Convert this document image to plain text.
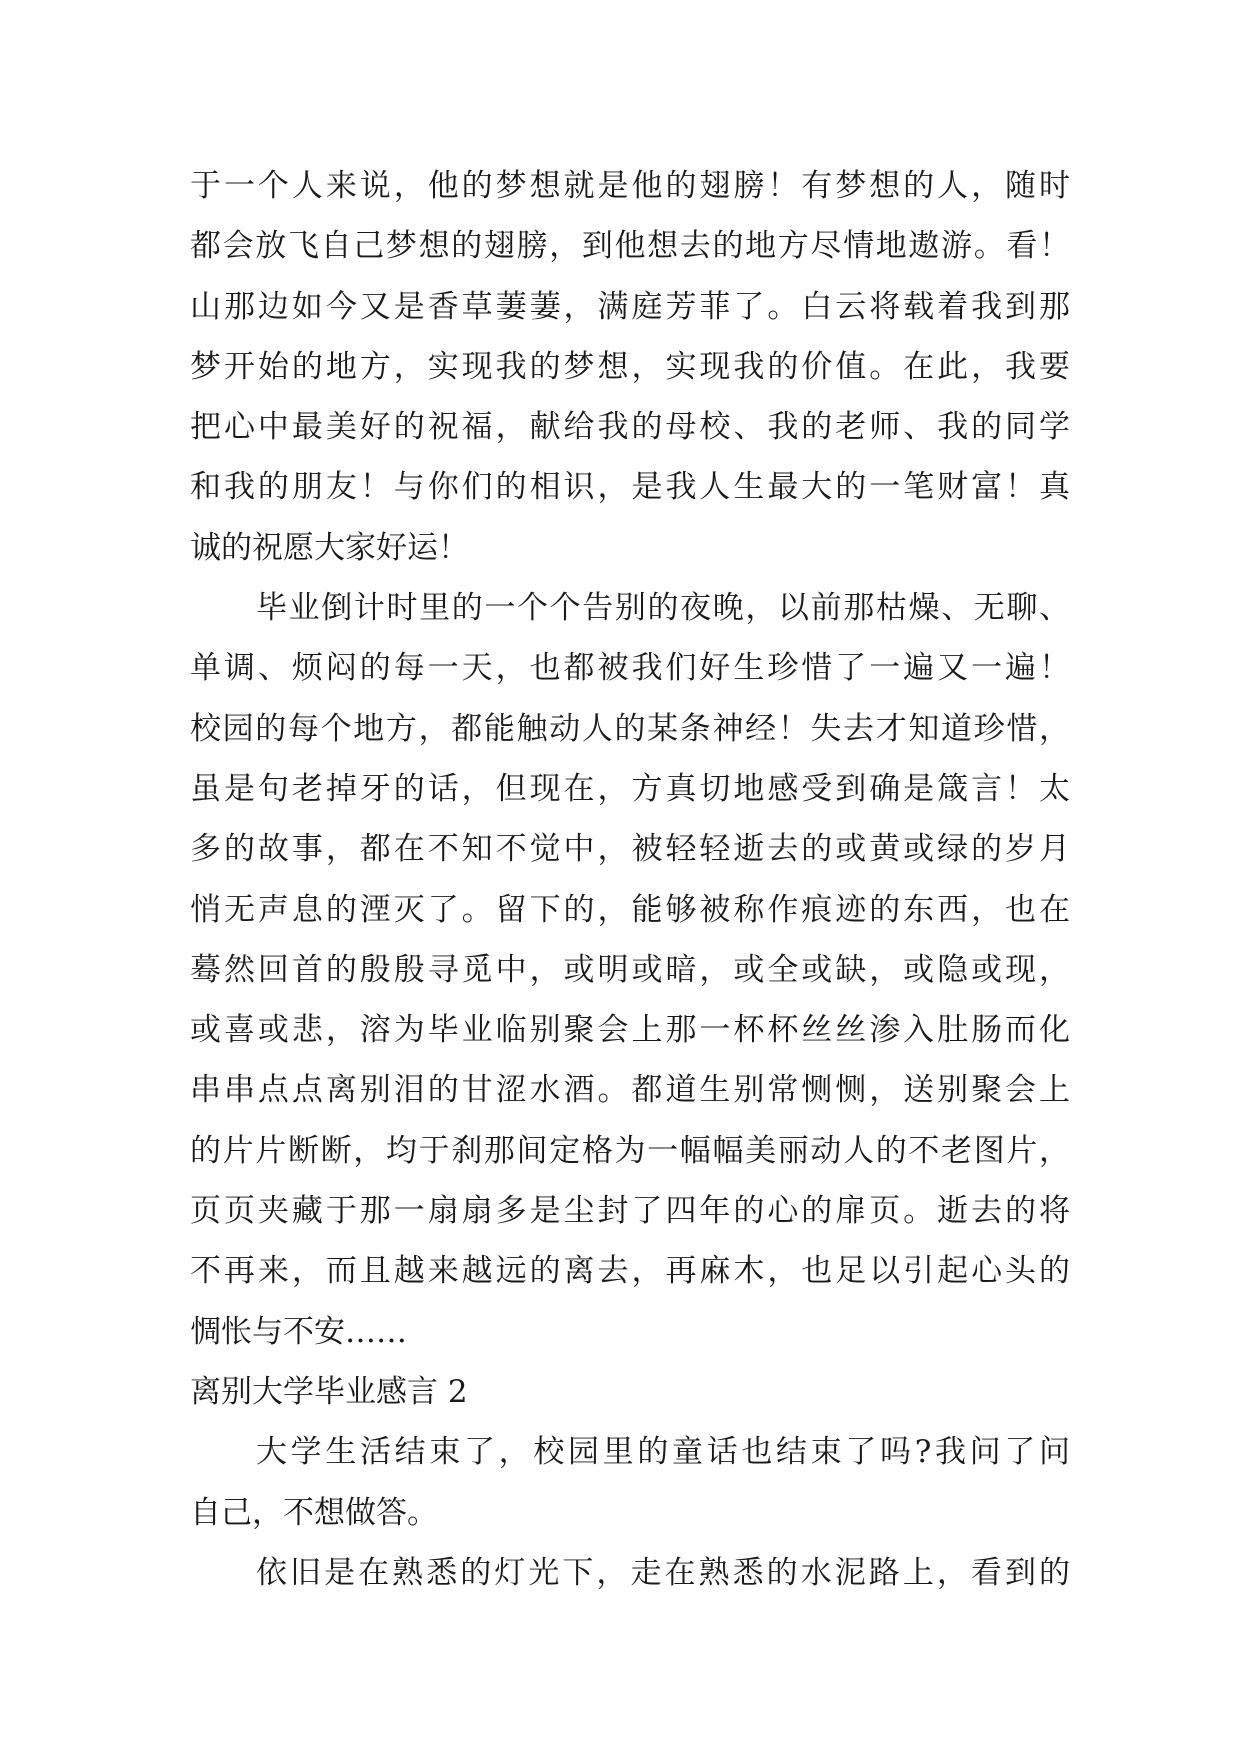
于一个人来说，他的梦想就是他的翅膀！有梦想的人，随时
都会放飞自己梦想的翅膀，到他想去的地方尽情地遨游。看！
山那边如今又是香草萋萋，满庭芳菲了。白云将载着我到那
梦开始的地方，实现我的梦想，实现我的价值。在此，我要
把心中最美好的祝福，献给我的母校、我的老师、我的同学
和我的朋友！与你们的相识，是我人生最大的一笔财富！真
诚的祝愿大家好运！
毕业倒计时里的一个个告别的夜晚，以前那枯燥、无聊、
单调、烦闷的每一天，也都被我们好生珍惜了一遍又一遍！
校园的每个地方，都能触动人的某条神经！失去才知道珍惜，
虽是句老掉牙的话，但现在，方真切地感受到确是箴言！太
多的故事，都在不知不觉中，被轻轻逝去的或黄或绿的岁月
悄无声息的湮灭了。留下的，能够被称作痕迹的东西，也在
蓦然回首的殷殷寻觅中，或明或暗，或全或缺，或隐或现，
或喜或悲，溶为毕业临别聚会上那一杯杯丝丝渗入肚肠而化
串串点点离别泪的甘涩水酒。都道生别常恻恻，送别聚会上
的片片断断，均于刹那间定格为一幅幅美丽动人的不老图片，
页页夹藏于那一扇扇多是尘封了四年的心的扉页。逝去的将
不再来，而且越来越远的离去，再麻木，也足以引起心头的
惆怅与不安……
离别大学毕业感言 2
大学生活结束了，校园里的童话也结束了吗?我问了问
自己，不想做答。
依旧是在熟悉的灯光下，走在熟悉的水泥路上，看到的
